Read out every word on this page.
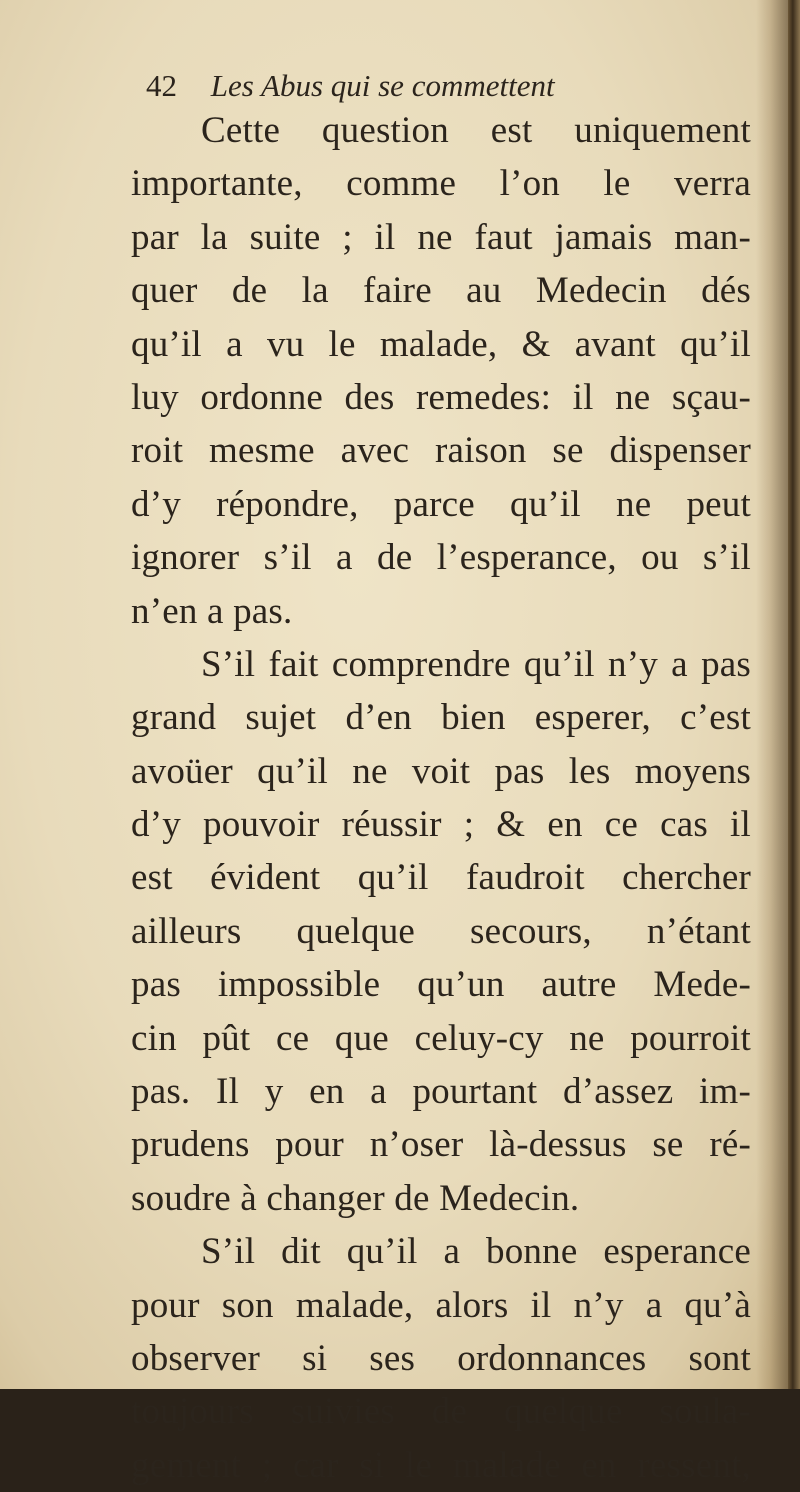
42 Les Abus qui se commettent
Cette question est uniquement
importante, comme l’on le verra
par la suite ; il ne faut jamais man-
quer de la faire au Medecin dés
qu’il a vu le malade, & avant qu’il
luy ordonne des remedes: il ne sçau-
roit mesme avec raison se dispenser
d’y répondre, parce qu’il ne peut
ignorer s’il a de l’esperance, ou s’il
n’en a pas.
S’il fait comprendre qu’il n’y a pas
grand sujet d’en bien esperer, c’est
avoüer qu’il ne voit pas les moyens
d’y pouvoir réussir ; & en ce cas il
est évident qu’il faudroit chercher
ailleurs quelque secours, n’étant
pas impossible qu’un autre Mede-
cin pût ce que celuy-cy ne pourroit
pas. Il y en a pourtant d’assez im-
prudens pour n’oser là-dessus se ré-
soudre à changer de Medecin.
S’il dit qu’il a bonne esperance
pour son malade, alors il n’y a qu’à
observer si ses ordonnances sont
toujours suivies de quelque soula-
gement ; car si le malade en ressent,
